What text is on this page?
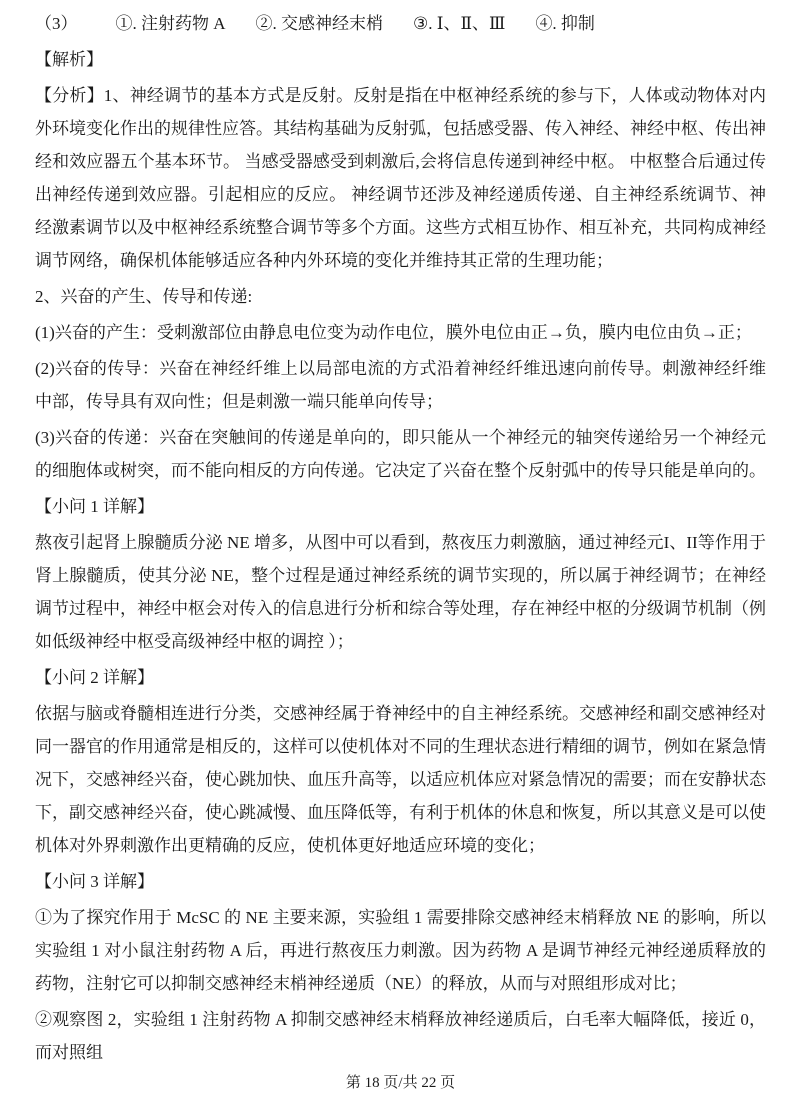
（3） ①. 注射药物 A ②. 交感神经末梢 ③. Ⅰ、Ⅱ、Ⅲ ④. 抑制
【解析】
【分析】1、神经调节的基本方式是反射。反射是指在中枢神经系统的参与下，人体或动物体对内外环境变化作出的规律性应答。其结构基础为反射弧，包括感受器、传入神经、神经中枢、传出神经和效应器五个基本环节。 当感受器感受到刺激后,会将信息传递到神经中枢。 中枢整合后通过传出神经传递到效应器。引起相应的反应。 神经调节还涉及神经递质传递、自主神经系统调节、神经激素调节以及中枢神经系统整合调节等多个方面。这些方式相互协作、相互补充，共同构成神经调节网络，确保机体能够适应各种内外环境的变化并维持其正常的生理功能；
2、兴奋的产生、传导和传递:
(1)兴奋的产生：受刺激部位由静息电位变为动作电位，膜外电位由正→负，膜内电位由负→正；
(2)兴奋的传导：兴奋在神经纤维上以局部电流的方式沿着神经纤维迅速向前传导。刺激神经纤维中部，传导具有双向性；但是刺激一端只能单向传导；
(3)兴奋的传递：兴奋在突触间的传递是单向的，即只能从一个神经元的轴突传递给另一个神经元的细胞体或树突，而不能向相反的方向传递。它决定了兴奋在整个反射弧中的传导只能是单向的。
【小问 1 详解】
熬夜引起肾上腺髓质分泌 NE 增多，从图中可以看到，熬夜压力刺激脑，通过神经元I、II等作用于肾上腺髓质，使其分泌 NE，整个过程是通过神经系统的调节实现的，所以属于神经调节；在神经调节过程中，神经中枢会对传入的信息进行分析和综合等处理，存在神经中枢的分级调节机制（例如低级神经中枢受高级神经中枢的调控 ）；
【小问 2 详解】
依据与脑或脊髓相连进行分类，交感神经属于脊神经中的自主神经系统。交感神经和副交感神经对同一器官的作用通常是相反的，这样可以使机体对不同的生理状态进行精细的调节，例如在紧急情况下，交感神经兴奋，使心跳加快、血压升高等，以适应机体应对紧急情况的需要；而在安静状态下，副交感神经兴奋，使心跳减慢、血压降低等，有利于机体的休息和恢复，所以其意义是可以使机体对外界刺激作出更精确的反应，使机体更好地适应环境的变化；
【小问 3 详解】
①为了探究作用于 McSC 的 NE 主要来源，实验组 1 需要排除交感神经末梢释放 NE 的影响，所以实验组 1 对小鼠注射药物 A 后，再进行熬夜压力刺激。因为药物 A 是调节神经元神经递质释放的药物，注射它可以抑制交感神经末梢神经递质（NE）的释放，从而与对照组形成对比；
②观察图 2，实验组 1 注射药物 A 抑制交感神经末梢释放神经递质后，白毛率大幅降低，接近 0，而对照组
第 18 页/共 22 页
